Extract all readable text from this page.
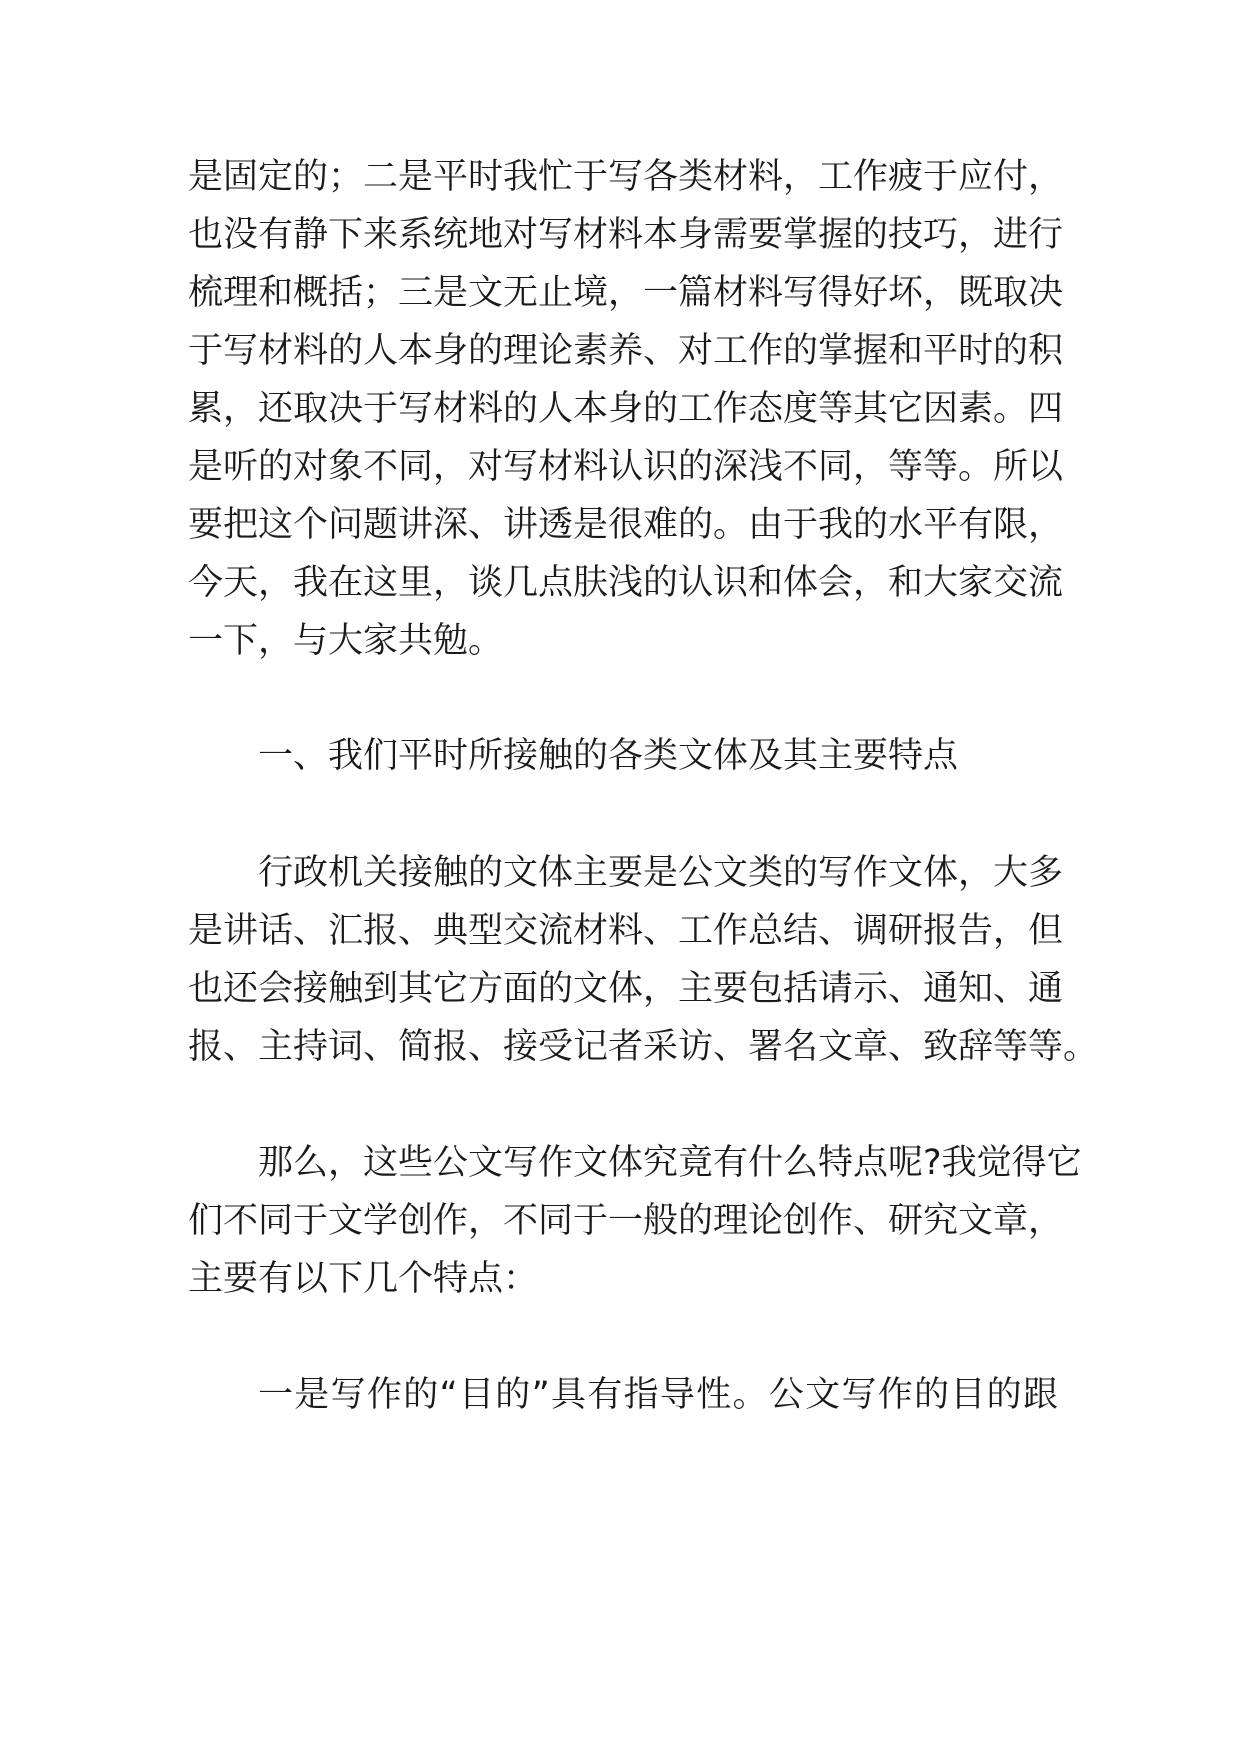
是固定的；二是平时我忙于写各类材料，工作疲于应付，
也没有静下来系统地对写材料本身需要掌握的技巧，进行
梳理和概括；三是文无止境，一篇材料写得好坏，既取决
于写材料的人本身的理论素养、对工作的掌握和平时的积
累，还取决于写材料的人本身的工作态度等其它因素。四
是听的对象不同，对写材料认识的深浅不同，等等。所以
要把这个问题讲深、讲透是很难的。由于我的水平有限，
今天，我在这里，谈几点肤浅的认识和体会，和大家交流
一下，与大家共勉。
一、我们平时所接触的各类文体及其主要特点
行政机关接触的文体主要是公文类的写作文体，大多
是讲话、汇报、典型交流材料、工作总结、调研报告，但
也还会接触到其它方面的文体，主要包括请示、通知、通
报、主持词、简报、接受记者采访、署名文章、致辞等等。
那么，这些公文写作文体究竟有什么特点呢?我觉得它
们不同于文学创作，不同于一般的理论创作、研究文章，
主要有以下几个特点：
一是写作的“目的”具有指导性。公文写作的目的跟
